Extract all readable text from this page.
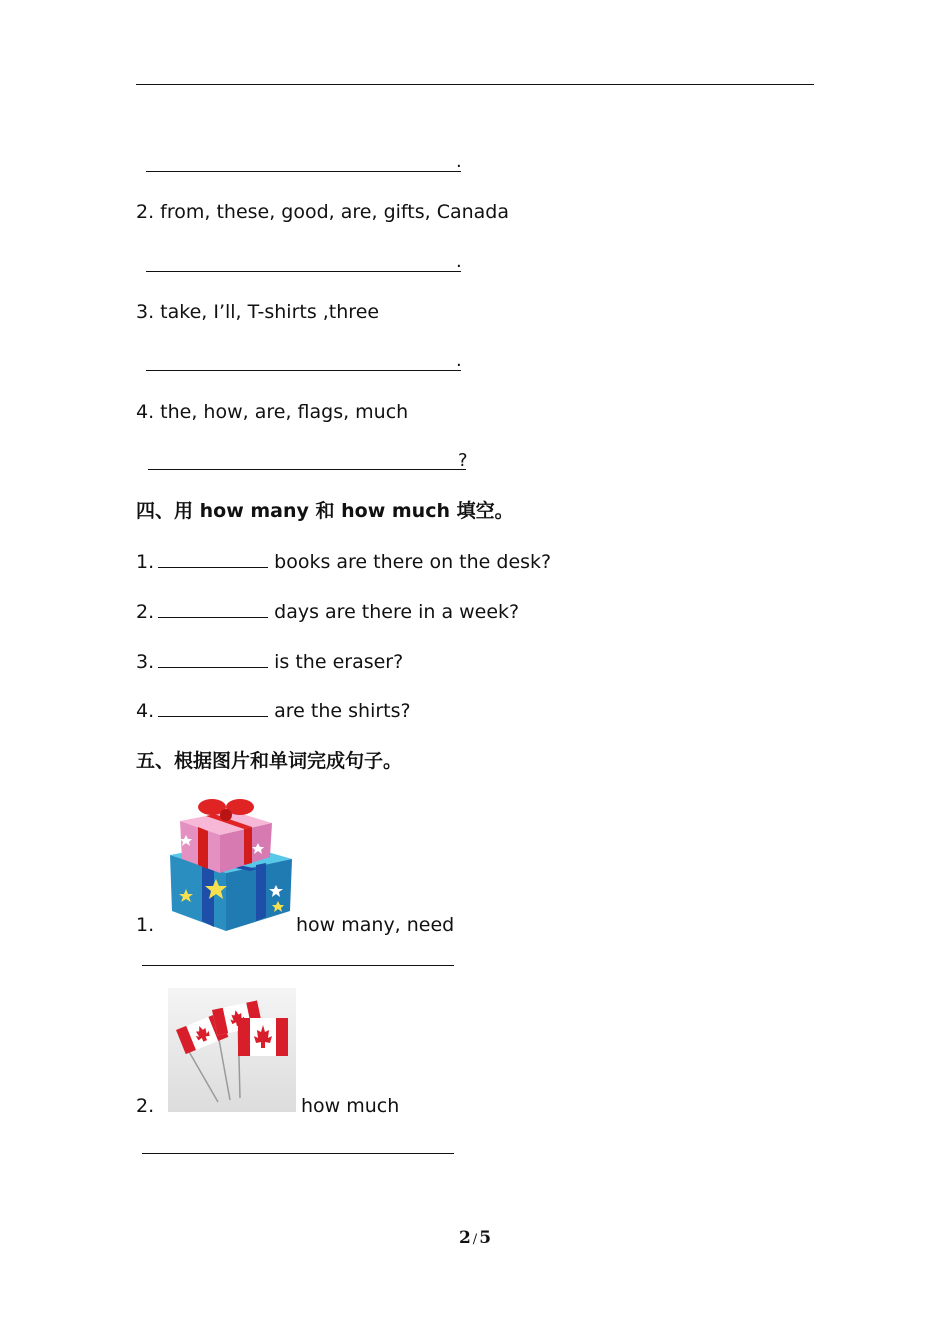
.
2. from, these, good, are, gifts, Canada
.
3. take, I’ll, T-shirts ,three
.
4. the, how, are, flags, much
?
四、用 how many 和 how much 填空。
1.	books are there on the desk?
2.	days are there in a week?
3.	is the eraser?
4.	are the shirts?
五、根据图片和单词完成句子。
1.	how many, need
2.	how much
2 / 5
